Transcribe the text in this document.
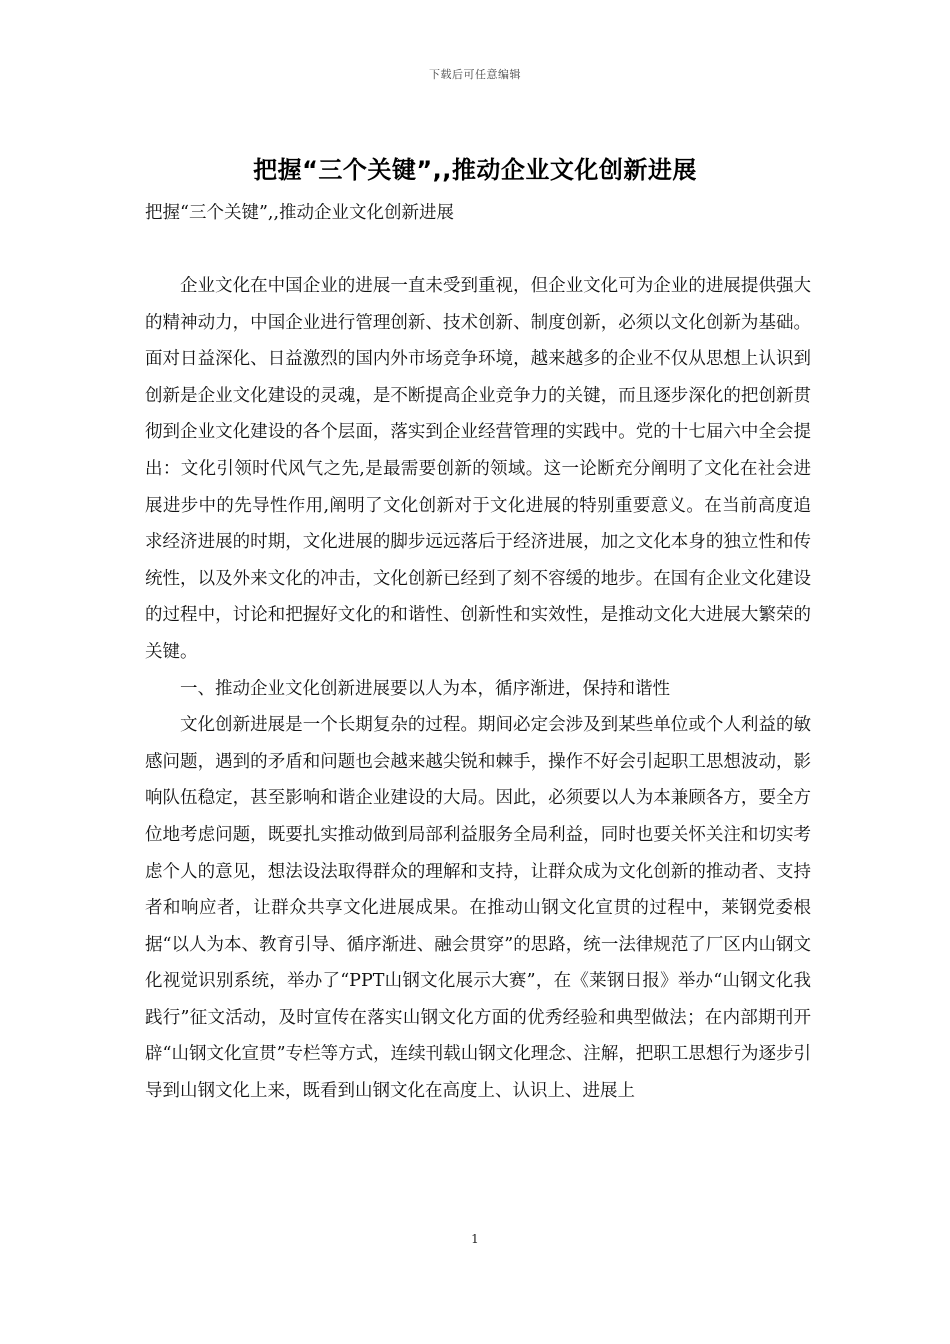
下载后可任意编辑
把握“三个关键”,,推动企业文化创新进展
把握“三个关键”,,推动企业文化创新进展

企业文化在中国企业的进展一直未受到重视，但企业文化可为企业的进展提供强大的精神动力，中国企业进行管理创新、技术创新、制度创新，必须以文化创新为基础。面对日益深化、日益激烈的国内外市场竞争环境，越来越多的企业不仅从思想上认识到创新是企业文化建设的灵魂，是不断提高企业竞争力的关键，而且逐步深化的把创新贯彻到企业文化建设的各个层面，落实到企业经营管理的实践中。党的十七届六中全会提出：文化引领时代风气之先,是最需要创新的领域。这一论断充分阐明了文化在社会进展进步中的先导性作用,阐明了文化创新对于文化进展的特别重要意义。在当前高度追求经济进展的时期，文化进展的脚步远远落后于经济进展，加之文化本身的独立性和传统性，以及外来文化的冲击，文化创新已经到了刻不容缓的地步。在国有企业文化建设的过程中，讨论和把握好文化的和谐性、创新性和实效性，是推动文化大进展大繁荣的关键。

一、推动企业文化创新进展要以人为本，循序渐进，保持和谐性

文化创新进展是一个长期复杂的过程。期间必定会涉及到某些单位或个人利益的敏感问题，遇到的矛盾和问题也会越来越尖锐和棘手，操作不好会引起职工思想波动，影响队伍稳定，甚至影响和谐企业建设的大局。因此，必须要以人为本兼顾各方，要全方位地考虑问题，既要扎实推动做到局部利益服务全局利益，同时也要关怀关注和切实考虑个人的意见，想法设法取得群众的理解和支持，让群众成为文化创新的推动者、支持者和响应者，让群众共享文化进展成果。在推动山钢文化宣贯的过程中，莱钢党委根据“以人为本、教育引导、循序渐进、融会贯穿”的思路，统一法律规范了厂区内山钢文化视觉识别系统，举办了“PPT山钢文化展示大赛”，在《莱钢日报》举办“山钢文化我践行”征文活动，及时宣传在落实山钢文化方面的优秀经验和典型做法；在内部期刊开辟“山钢文化宣贯”专栏等方式，连续刊载山钢文化理念、注解，把职工思想行为逐步引导到山钢文化上来，既看到山钢文化在高度上、认识上、进展上

1
